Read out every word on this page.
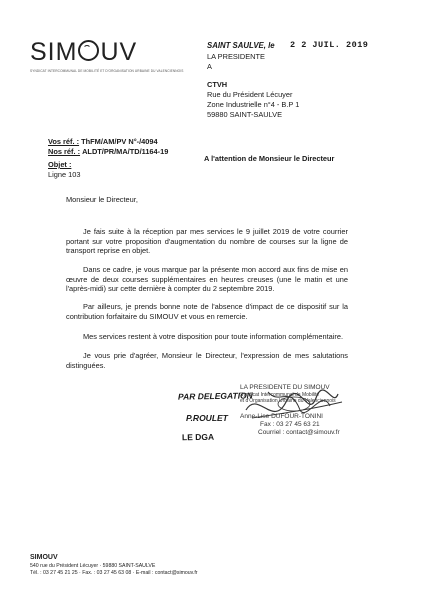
SIM UV
SYNDICAT INTERCOMMUNAL DE MOBILITÉ ET D'ORGANISATION URBAINE DU VALENCIENNOIS
SAINT SAULVE, le 2 2 JUIL. 2019
LA PRESIDENTE
A
CTVH
Rue du Président Lécuyer
Zone Industrielle n°4 - B.P 1
59880 SAINT-SAULVE
Vos réf. : ThFM/AM/PV N°-/4094
Nos réf. : ALDT/PR/MA/TD/1164-19
Objet :
Ligne 103
A l'attention de Monsieur le Directeur
Monsieur le Directeur,
Je fais suite à la réception par mes services le 9 juillet 2019 de votre courrier portant sur votre proposition d'augmentation du nombre de courses sur la ligne de transport reprise en objet.
Dans ce cadre, je vous marque par la présente mon accord aux fins de mise en œuvre de deux courses supplémentaires en heures creuses (une le matin et une l'après-midi) sur cette dernière à compter du 2 septembre 2019.
Par ailleurs, je prends bonne note de l'absence d'impact de ce dispositif sur la contribution forfaitaire du SIMOUV et vous en remercie.
Mes services restent à votre disposition pour toute information complémentaire.
Je vous prie d'agréer, Monsieur le Directeur, l'expression de mes salutations distinguées.
PAR DELEGATION
P.ROULET
LE DGA
LA PRESIDENTE DU SIMOUV
Syndicat Intercommunal de Mobilité
et d'Organisation Urbaine du Valenciennois
Anne-Lise DUFOUR-TONINI
Fax : 03 27 45 63 21
Courriel : contact@simouv.fr
SIMOUV
540 rue du Président Lécuyer · 59880 SAINT-SAULVE
Tél. : 03 27 45 21 25 · Fax. : 03 27 45 63 08 · E-mail : contact@simouv.fr
